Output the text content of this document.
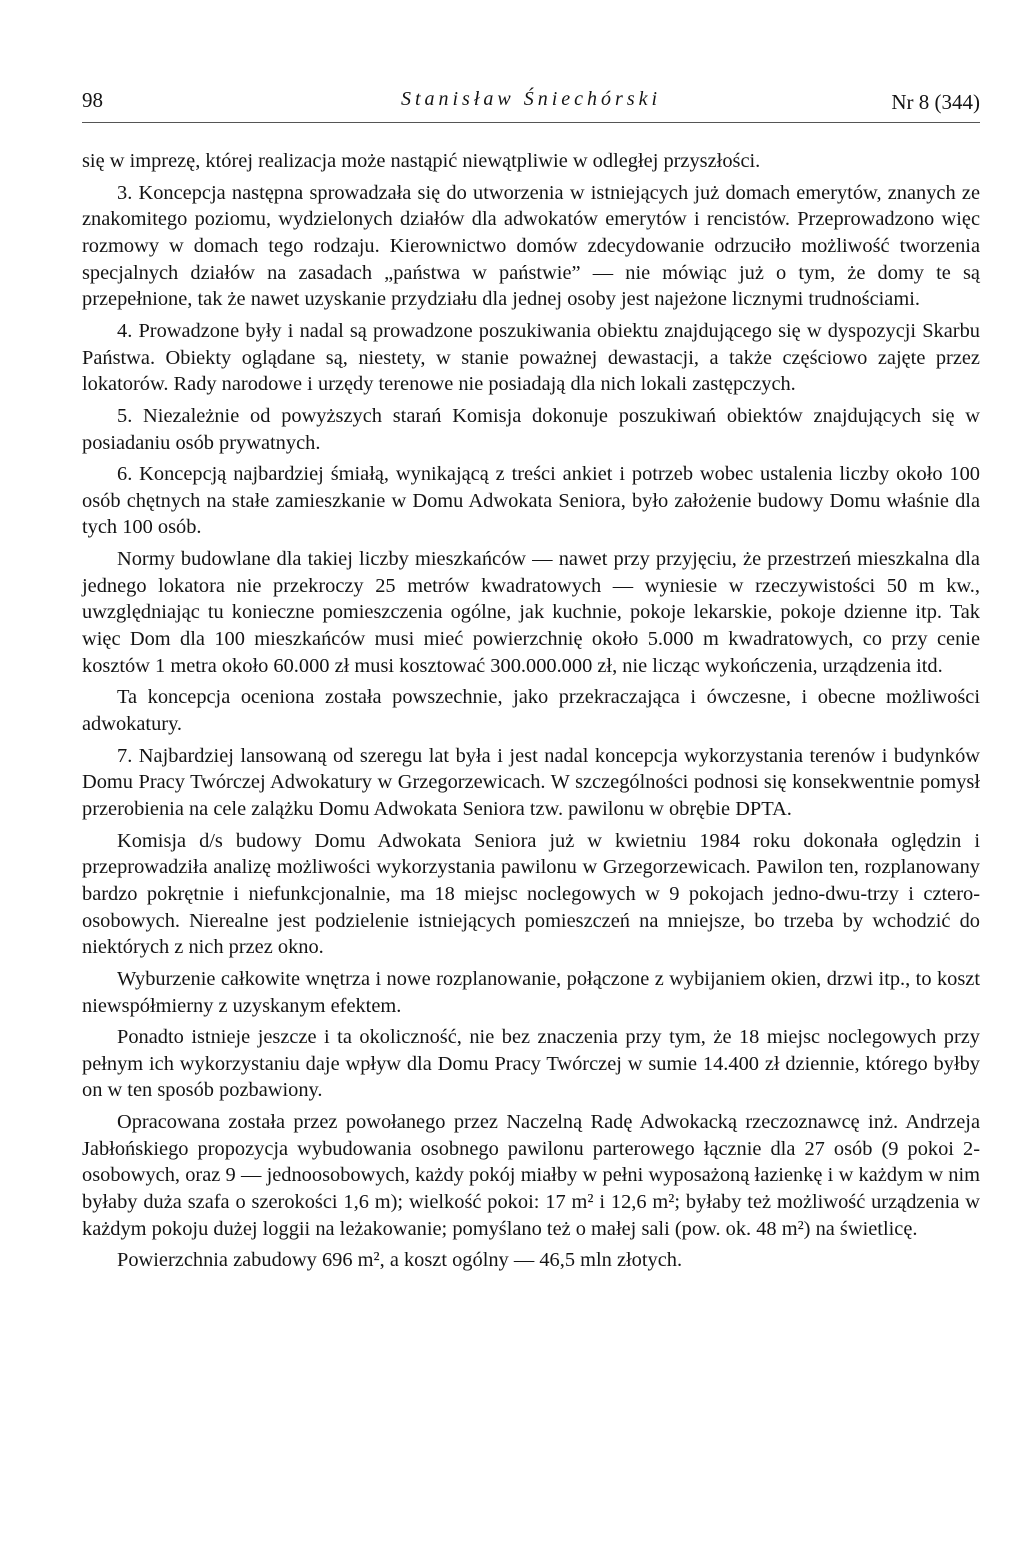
98	Stanisław Śniechórski	Nr 8 (344)

się w imprezę, której realizacja może nastąpić niewątpliwie w odległej przyszłości.

3. Koncepcja następna sprowadzała się do utworzenia w istniejących już domach emerytów, znanych ze znakomitego poziomu, wydzielonych działów dla adwokatów emerytów i rencistów. Przeprowadzono więc rozmowy w domach tego rodzaju. Kierownictwo domów zdecydowanie odrzuciło możliwość tworzenia specjalnych działów na zasadach „państwa w państwie” — nie mówiąc już o tym, że domy te są przepełnione, tak że nawet uzyskanie przydziału dla jednej osoby jest najeżone licznymi trudnościami.

4. Prowadzone były i nadal są prowadzone poszukiwania obiektu znajdującego się w dyspozycji Skarbu Państwa. Obiekty oglądane są, niestety, w stanie poważnej dewastacji, a także częściowo zajęte przez lokatorów. Rady narodowe i urzędy terenowe nie posiadają dla nich lokali zastępczych.

5. Niezależnie od powyższych starań Komisja dokonuje poszukiwań obiektów znajdujących się w posiadaniu osób prywatnych.

6. Koncepcją najbardziej śmiałą, wynikającą z treści ankiet i potrzeb wobec ustalenia liczby około 100 osób chętnych na stałe zamieszkanie w Domu Adwokata Seniora, było założenie budowy Domu właśnie dla tych 100 osób.

Normy budowlane dla takiej liczby mieszkańców — nawet przy przyjęciu, że przestrzeń mieszkalna dla jednego lokatora nie przekroczy 25 metrów kwadratowych — wyniesie w rzeczywistości 50 m kw., uwzględniając tu konieczne pomieszczenia ogólne, jak kuchnie, pokoje lekarskie, pokoje dzienne itp. Tak więc Dom dla 100 mieszkańców musi mieć powierzchnię około 5.000 m kwadratowych, co przy cenie kosztów 1 metra około 60.000 zł musi kosztować 300.000.000 zł, nie licząc wykończenia, urządzenia itd.

Ta koncepcja oceniona została powszechnie, jako przekraczająca i ówczesne, i obecne możliwości adwokatury.

7. Najbardziej lansowaną od szeregu lat była i jest nadal koncepcja wykorzystania terenów i budynków Domu Pracy Twórczej Adwokatury w Grzegorzewicach. W szczególności podnosi się konsekwentnie pomysł przerobienia na cele zalążku Domu Adwokata Seniora tzw. pawilonu w obrębie DPTA.

Komisja d/s budowy Domu Adwokata Seniora już w kwietniu 1984 roku dokonała oględzin i przeprowadziła analizę możliwości wykorzystania pawilonu w Grzegorzewicach. Pawilon ten, rozplanowany bardzo pokrętnie i niefunkcjonalnie, ma 18 miejsc noclegowych w 9 pokojach jedno-dwu-trzy i cztero-osobowych. Nierealne jest podzielenie istniejących pomieszczeń na mniejsze, bo trzeba by wchodzić do niektórych z nich przez okno.

Wyburzenie całkowite wnętrza i nowe rozplanowanie, połączone z wybijaniem okien, drzwi itp., to koszt niewspółmierny z uzyskanym efektem.

Ponadto istnieje jeszcze i ta okoliczność, nie bez znaczenia przy tym, że 18 miejsc noclegowych przy pełnym ich wykorzystaniu daje wpływ dla Domu Pracy Twórczej w sumie 14.400 zł dziennie, którego byłby on w ten sposób pozbawiony.

Opracowana została przez powołanego przez Naczelną Radę Adwokacką rzeczoznawcę inż. Andrzeja Jabłońskiego propozycja wybudowania osobnego pawilonu parterowego łącznie dla 27 osób (9 pokoi 2-osobowych, oraz 9 — jednoosobowych, każdy pokój miałby w pełni wyposażoną łazienkę i w każdym w nim byłaby duża szafa o szerokości 1,6 m); wielkość pokoi: 17 m² i 12,6 m²; byłaby też możliwość urządzenia w każdym pokoju dużej loggii na leżakowanie; pomyślano też o małej sali (pow. ok. 48 m²) na świetlicę.

Powierzchnia zabudowy 696 m², a koszt ogólny — 46,5 mln złotych.
